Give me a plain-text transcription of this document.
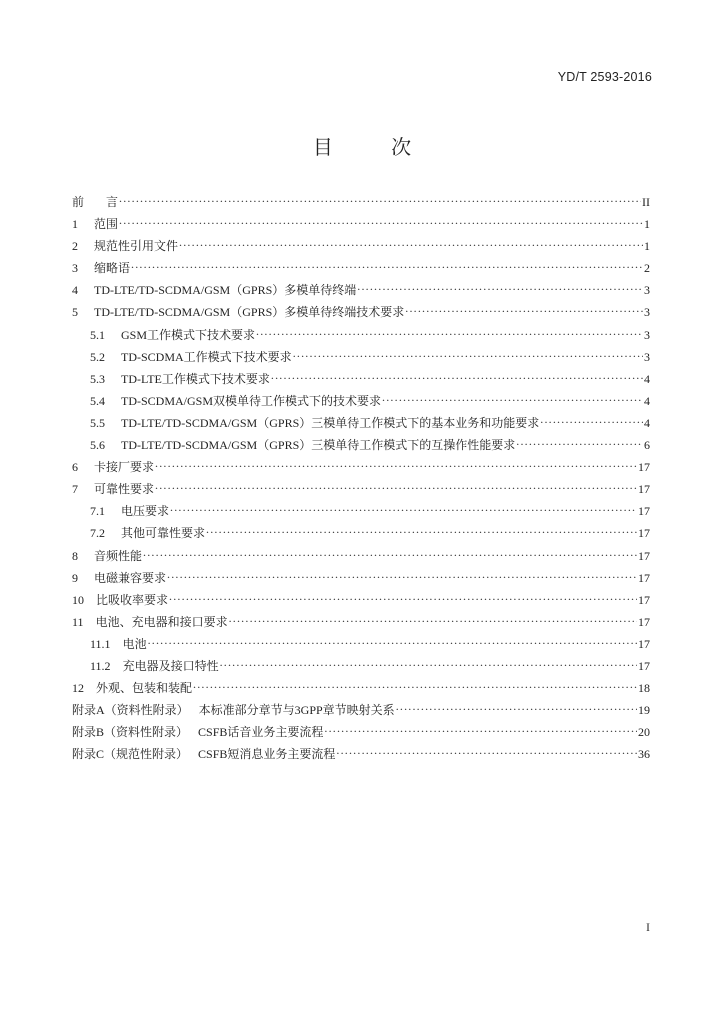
YD/T 2593-2016
目 次
前 言 .....	II
1 范围 .....	1
2 规范性引用文件 .....	1
3 缩略语 .....	2
4 TD-LTE/TD-SCDMA/GSM（GPRS）多模单待终端 .....	3
5 TD-LTE/TD-SCDMA/GSM（GPRS）多模单待终端技术要求 .....	3
5.1 GSM工作模式下技术要求 .....	3
5.2 TD-SCDMA工作模式下技术要求 .....	3
5.3 TD-LTE工作模式下技术要求 .....	4
5.4 TD-SCDMA/GSM双模单待工作模式下的技术要求 .....	4
5.5 TD-LTE/TD-SCDMA/GSM（GPRS）三模单待工作模式下的基本业务和功能要求 .....	4
5.6 TD-LTE/TD-SCDMA/GSM（GPRS）三模单待工作模式下的互操作性能要求 .....	6
6 卡接厂要求 .....	17
7 可靠性要求 .....	17
7.1 电压要求 .....	17
7.2 其他可靠性要求 .....	17
8 音频性能 .....	17
9 电磁兼容要求 .....	17
10 比吸收率要求 .....	17
11 电池、充电器和接口要求 .....	17
11.1 电池 .....	17
11.2 充电器及接口特性 .....	17
12 外观、包装和装配 .....	18
附录A（资料性附录） 本标准部分章节与3GPP章节映射关系 .....	19
附录B（资料性附录） CSFB话音业务主要流程 .....	20
附录C（规范性附录） CSFB短消息业务主要流程 .....	36
I
